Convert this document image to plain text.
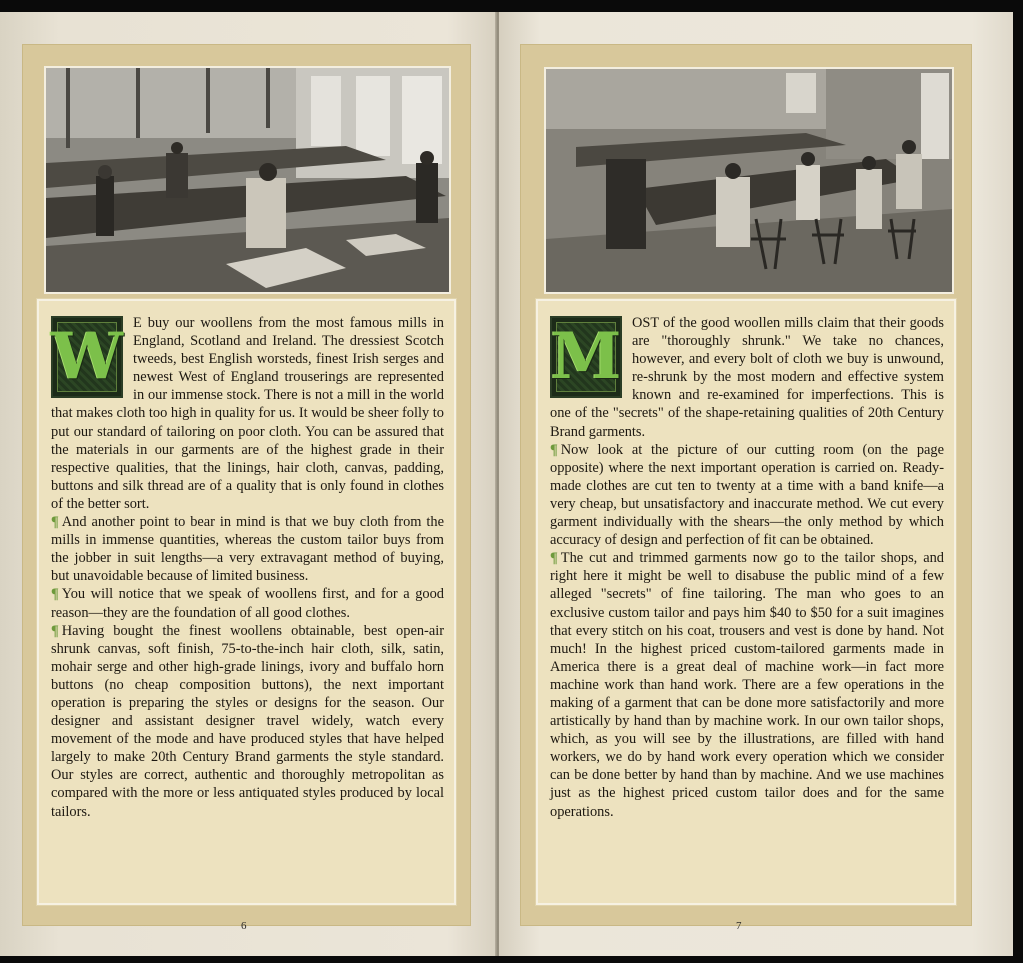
W E buy our woollens from the most famous mills in England, Scotland and Ireland. The dressiest Scotch tweeds, best English worsteds, finest Irish serges and newest West of England trouserings are represented in our immense stock. There is not a mill in the world that makes cloth too high in quality for us. It would be sheer folly to put our standard of tailoring on poor cloth. You can be assured that the materials in our garments are of the highest grade in their respective qualities, that the linings, hair cloth, canvas, padding, buttons and silk thread are of a quality that is only found in clothes of the better sort.

¶ And another point to bear in mind is that we buy cloth from the mills in immense quantities, whereas the custom tailor buys from the jobber in suit lengths—a very extravagant method of buying, but unavoidable because of limited business.

¶ You will notice that we speak of woollens first, and for a good reason—they are the foundation of all good clothes.

¶ Having bought the finest woollens obtainable, best open-air shrunk canvas, soft finish, 75-to-the-inch hair cloth, silk, satin, mohair serge and other high-grade linings, ivory and buffalo horn buttons (no cheap composition buttons), the next important operation is preparing the styles or designs for the season. Our designer and assistant designer travel widely, watch every movement of the mode and have produced styles that have helped largely to make 20th Century Brand garments the style standard. Our styles are correct, authentic and thoroughly metropolitan as compared with the more or less antiquated styles produced by local tailors.

6
M OST of the good woollen mills claim that their goods are "thoroughly shrunk." We take no chances, however, and every bolt of cloth we buy is unwound, re-shrunk by the most modern and effective system known and re-examined for imperfections. This is one of the "secrets" of the shape-retaining qualities of 20th Century Brand garments.

¶ Now look at the picture of our cutting room (on the page opposite) where the next important operation is carried on. Ready-made clothes are cut ten to twenty at a time with a band knife—a very cheap, but unsatisfactory and inaccurate method. We cut every garment individually with the shears—the only method by which accuracy of design and perfection of fit can be obtained.

¶ The cut and trimmed garments now go to the tailor shops, and right here it might be well to disabuse the public mind of a few alleged "secrets" of fine tailoring. The man who goes to an exclusive custom tailor and pays him $40 to $50 for a suit imagines that every stitch on his coat, trousers and vest is done by hand. Not much! In the highest priced custom-tailored garments made in America there is a great deal of machine work—in fact more machine work than hand work. There are a few operations in the making of a garment that can be done more satisfactorily and more artistically by hand than by machine work. In our own tailor shops, which, as you will see by the illustrations, are filled with hand workers, we do by hand work every operation which we consider can be done better by hand than by machine. And we use machines just as the highest priced custom tailor does and for the same operations.

7
